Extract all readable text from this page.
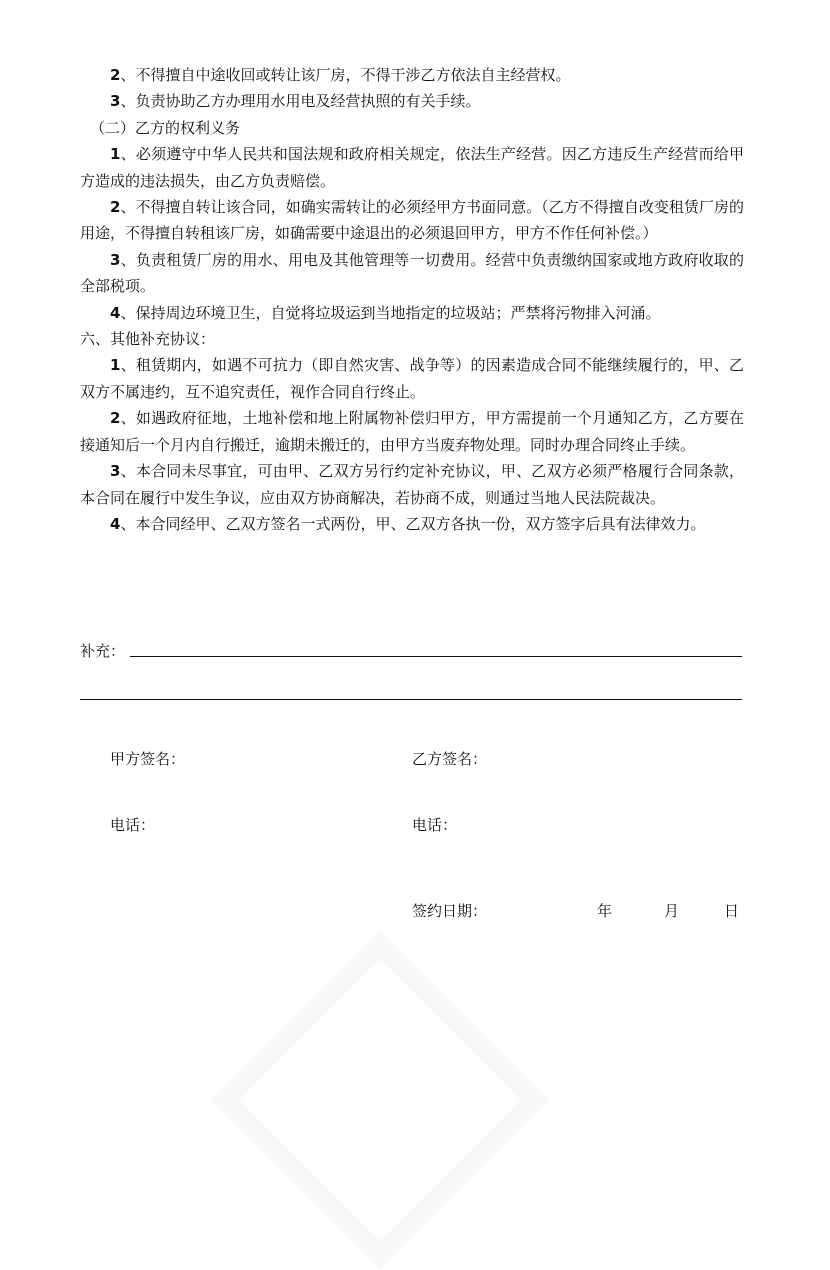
2、不得擅自中途收回或转让该厂房，不得干涉乙方依法自主经营权。

3、负责协助乙方办理用水用电及经营执照的有关手续。

（二）乙方的权利义务

1、必须遵守中华人民共和国法规和政府相关规定，依法生产经营。因乙方违反生产经营而给甲方造成的违法损失，由乙方负责赔偿。

2、不得擅自转让该合同，如确实需转让的必须经甲方书面同意。（乙方不得擅自改变租赁厂房的用途，不得擅自转租该厂房，如确需要中途退出的必须退回甲方，甲方不作任何补偿。）

3、负责租赁厂房的用水、用电及其他管理等一切费用。经营中负责缴纳国家或地方政府收取的全部税项。

4、保持周边环境卫生，自觉将垃圾运到当地指定的垃圾站；严禁将污物排入河涌。

六、其他补充协议：

1、租赁期内，如遇不可抗力（即自然灾害、战争等）的因素造成合同不能继续履行的，甲、乙双方不属违约，互不追究责任，视作合同自行终止。

2、如遇政府征地，土地补偿和地上附属物补偿归甲方，甲方需提前一个月通知乙方，乙方要在接通知后一个月内自行搬迁，逾期未搬迁的，由甲方当废弃物处理。同时办理合同终止手续。

3、本合同未尽事宜，可由甲、乙双方另行约定补充协议，甲、乙双方必须严格履行合同条款，本合同在履行中发生争议，应由双方协商解决，若协商不成，则通过当地人民法院裁决。

4、本合同经甲、乙双方签名一式两份，甲、乙双方各执一份，双方签字后具有法律效力。

补充：
甲方签名：	乙方签名：
电话：	电话：
签约日期：	年	月	日
